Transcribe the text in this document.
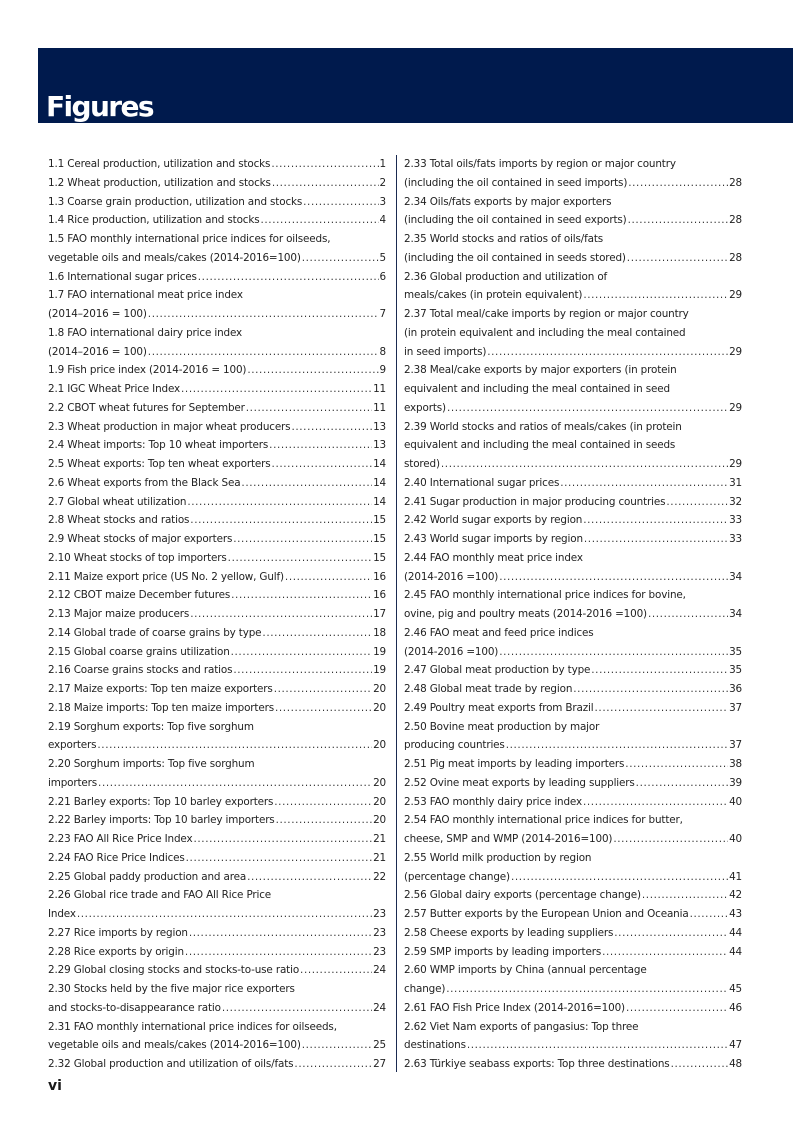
Figures
1.1 Cereal production, utilization and stocks .....	1
1.2 Wheat production, utilization and stocks .....	2
1.3 Coarse grain production, utilization and stocks .....	3
1.4 Rice production, utilization and stocks .....	4
1.5 FAO monthly international price indices for oilseeds,
vegetable oils and meals/cakes (2014-2016=100) .....	5
1.6 International sugar prices .....	6
1.7 FAO international meat price index
(2014–2016 = 100) .....	7
1.8 FAO international dairy price index
(2014–2016 = 100) .....	8
1.9 Fish price index (2014-2016 = 100) .....	9
2.1 IGC Wheat Price Index .....	11
2.2 CBOT wheat futures for September .....	11
2.3 Wheat production in major wheat producers .....	13
2.4 Wheat imports: Top 10 wheat importers .....	13
2.5 Wheat exports: Top ten wheat exporters .....	14
2.6 Wheat exports from the Black Sea .....	14
2.7 Global wheat utilization .....	14
2.8 Wheat stocks and ratios .....	15
2.9 Wheat stocks of major exporters .....	15
2.10 Wheat stocks of top importers .....	15
2.11 Maize export price (US No. 2 yellow, Gulf) .....	16
2.12 CBOT maize December futures .....	16
2.13 Major maize producers .....	17
2.14 Global trade of coarse grains by type .....	18
2.15 Global coarse grains utilization .....	19
2.16 Coarse grains stocks and ratios .....	19
2.17 Maize exports: Top ten maize exporters .....	20
2.18 Maize imports: Top ten maize importers .....	20
2.19 Sorghum exports: Top five sorghum
exporters .....	20
2.20 Sorghum imports: Top five sorghum
importers .....	20
2.21 Barley exports: Top 10 barley exporters .....	20
2.22 Barley imports: Top 10 barley importers .....	20
2.23 FAO All Rice Price Index .....	21
2.24 FAO Rice Price Indices .....	21
2.25 Global paddy production and area .....	22
2.26 Global rice trade and FAO All Rice Price
Index .....	23
2.27 Rice imports by region .....	23
2.28 Rice exports by origin .....	23
2.29 Global closing stocks and stocks-to-use ratio .....	24
2.30 Stocks held by the five major rice exporters
and stocks-to-disappearance ratio .....	24
2.31 FAO monthly international price indices for oilseeds,
vegetable oils and meals/cakes (2014-2016=100) .....	25
2.32 Global production and utilization of oils/fats .....	27
2.33 Total oils/fats imports by region or major country
(including the oil contained in seed imports) .....	28
2.34 Oils/fats exports by major exporters
(including the oil contained in seed exports) .....	28
2.35 World stocks and ratios of oils/fats
(including the oil contained in seeds stored) .....	28
2.36 Global production and utilization of
meals/cakes (in protein equivalent) .....	29
2.37 Total meal/cake imports by region or major country
(in protein equivalent and including the meal contained
in seed imports) .....	29
2.38 Meal/cake exports by major exporters (in protein
equivalent and including the meal contained in seed
exports) .....	29
2.39 World stocks and ratios of meals/cakes (in protein
equivalent and including the meal contained in seeds
stored) .....	29
2.40 International sugar prices .....	31
2.41 Sugar production in major producing countries .....	32
2.42 World sugar exports by region .....	33
2.43 World sugar imports by region .....	33
2.44 FAO monthly meat price index
(2014-2016 =100) .....	34
2.45 FAO monthly international price indices for bovine,
ovine, pig and poultry meats (2014-2016 =100) .....	34
2.46 FAO meat and feed price indices
(2014-2016 =100) .....	35
2.47 Global meat production by type .....	35
2.48 Global meat trade by region .....	36
2.49 Poultry meat exports from Brazil .....	37
2.50 Bovine meat production by major
producing countries .....	37
2.51 Pig meat imports by leading importers .....	38
2.52 Ovine meat exports by leading suppliers .....	39
2.53 FAO monthly dairy price index .....	40
2.54 FAO monthly international price indices for butter,
cheese, SMP and WMP (2014-2016=100) .....	40
2.55 World milk production by region
(percentage change) .....	41
2.56 Global dairy exports (percentage change) .....	42
2.57 Butter exports by the European Union and Oceania .....	43
2.58 Cheese exports by leading suppliers .....	44
2.59 SMP imports by leading importers .....	44
2.60 WMP imports by China (annual percentage
change) .....	45
2.61 FAO Fish Price Index (2014-2016=100) .....	46
2.62 Viet Nam exports of pangasius: Top three
destinations .....	47
2.63 Türkiye seabass exports: Top three destinations .....	48

vi
